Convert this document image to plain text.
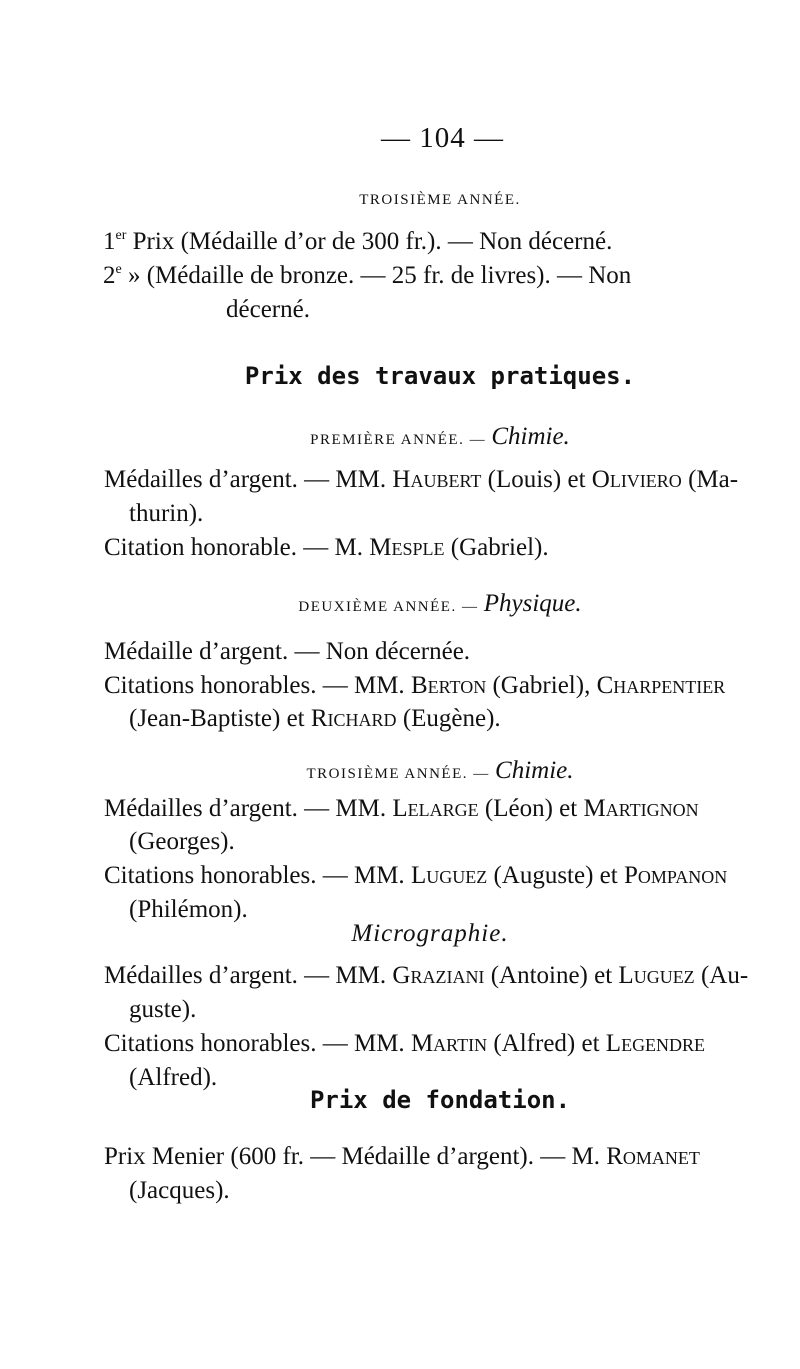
— 104 —
TROISIÈME ANNÉE.
1er Prix (Médaille d’or de 300 fr.). — Non décerné.
2e » (Médaille de bronze. — 25 fr. de livres). — Non
décerné.
Prix des travaux pratiques.
PREMIÈRE ANNÉE. — Chimie.
Médailles d’argent. — MM. Haubert (Louis) et Oliviero (Ma-
thurin).
Citation honorable. — M. Mesple (Gabriel).
DEUXIÈME ANNÉE. — Physique.
Médaille d’argent. — Non décernée.
Citations honorables. — MM. Berton (Gabriel), Charpentier
(Jean-Baptiste) et Richard (Eugène).
TROISIÈME ANNÉE. — Chimie.
Médailles d’argent. — MM. Lelarge (Léon) et Martignon
(Georges).
Citations honorables. — MM. Luguez (Auguste) et Pompanon
(Philémon).
Micrographie.
Médailles d’argent. — MM. Graziani (Antoine) et Luguez (Au-
guste).
Citations honorables. — MM. Martin (Alfred) et Legendre
(Alfred).
Prix de fondation.
Prix Menier (600 fr. — Médaille d’argent). — M. Romanet
(Jacques).
